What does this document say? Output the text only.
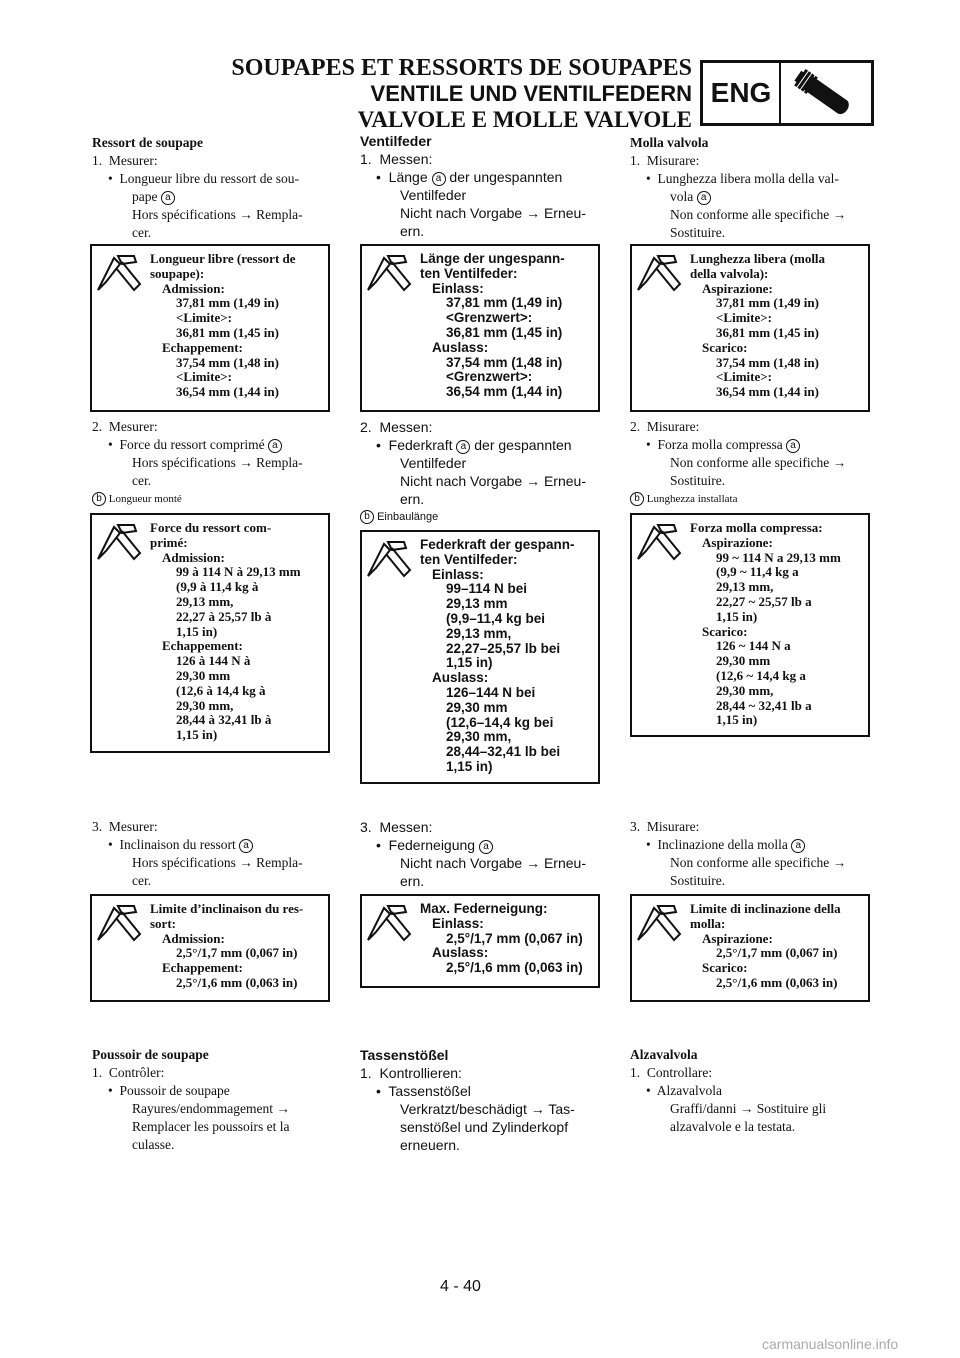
SOUPAPES ET RESSORTS DE SOUPAPES
VENTILE UND VENTILFEDERN
VALVOLE E MOLLE VALVOLE
ENG
Ressort de soupape
1.  Mesurer:
•  Longueur libre du ressort de sou-
pape a
Hors spécifications → Rempla-
cer.
Longueur libre (ressort de
soupape):
Admission:
37,81 mm (1,49 in)
<Limite>:
36,81 mm (1,45 in)
Echappement:
37,54 mm (1,48 in)
<Limite>:
36,54 mm (1,44 in)
2.  Mesurer:
•  Force du ressort comprimé a
Hors spécifications → Rempla-
cer.
b Longueur monté
Force du ressort com-
primé:
Admission:
99 à 114 N à 29,13 mm
(9,9 à 11,4 kg à
29,13 mm,
22,27 à 25,57 lb à
1,15 in)
Echappement:
126 à 144 N à
29,30 mm
(12,6 à 14,4 kg à
29,30 mm,
28,44 à 32,41 lb à
1,15 in)
3.  Mesurer:
•  Inclinaison du ressort a
Hors spécifications → Rempla-
cer.
Limite d’inclinaison du res-
sort:
Admission:
2,5°/1,7 mm (0,067 in)
Echappement:
2,5°/1,6 mm (0,063 in)
Poussoir de soupape
1.  Contrôler:
•  Poussoir de soupape
Rayures/endommagement →
Remplacer les poussoirs et la
culasse.
Ventilfeder
1.  Messen:
•  Länge a der ungespannten
Ventilfeder
Nicht nach Vorgabe → Erneu-
ern.
Länge der ungespann-
ten Ventilfeder:
Einlass:
37,81 mm (1,49 in)
<Grenzwert>:
36,81 mm (1,45 in)
Auslass:
37,54 mm (1,48 in)
<Grenzwert>:
36,54 mm (1,44 in)
2.  Messen:
•  Federkraft a der gespannten
Ventilfeder
Nicht nach Vorgabe → Erneu-
ern.
b Einbaulänge
Federkraft der gespann-
ten Ventilfeder:
Einlass:
99–114 N bei
29,13 mm
(9,9–11,4 kg bei
29,13 mm,
22,27–25,57 lb bei
1,15 in)
Auslass:
126–144 N bei
29,30 mm
(12,6–14,4 kg bei
29,30 mm,
28,44–32,41 lb bei
1,15 in)
3.  Messen:
•  Federneigung a
Nicht nach Vorgabe → Erneu-
ern.
Max. Federneigung:
Einlass:
2,5°/1,7 mm (0,067 in)
Auslass:
2,5°/1,6 mm (0,063 in)
Tassenstößel
1.  Kontrollieren:
•  Tassenstößel
Verkratzt/beschädigt → Tas-
senstößel und Zylinderkopf
erneuern.
Molla valvola
1.  Misurare:
•  Lunghezza libera molla della val-
vola a
Non conforme alle specifiche →
Sostituire.
Lunghezza libera (molla
della valvola):
Aspirazione:
37,81 mm (1,49 in)
<Limite>:
36,81 mm (1,45 in)
Scarico:
37,54 mm (1,48 in)
<Limite>:
36,54 mm (1,44 in)
2.  Misurare:
•  Forza molla compressa a
Non conforme alle specifiche →
Sostituire.
b Lunghezza installata
Forza molla compressa:
Aspirazione:
99 ~ 114 N a 29,13 mm
(9,9 ~ 11,4 kg a
29,13 mm,
22,27 ~ 25,57 lb a
1,15 in)
Scarico:
126 ~ 144 N a
29,30 mm
(12,6 ~ 14,4 kg a
29,30 mm,
28,44 ~ 32,41 lb a
1,15 in)
3.  Misurare:
•  Inclinazione della molla a
Non conforme alle specifiche →
Sostituire.
Limite di inclinazione della
molla:
Aspirazione:
2,5°/1,7 mm (0,067 in)
Scarico:
2,5°/1,6 mm (0,063 in)
Alzavalvola
1.  Controllare:
•  Alzavalvola
Graffi/danni → Sostituire gli
alzavalvole e la testata.
4 - 40
carmanualsonline.info
